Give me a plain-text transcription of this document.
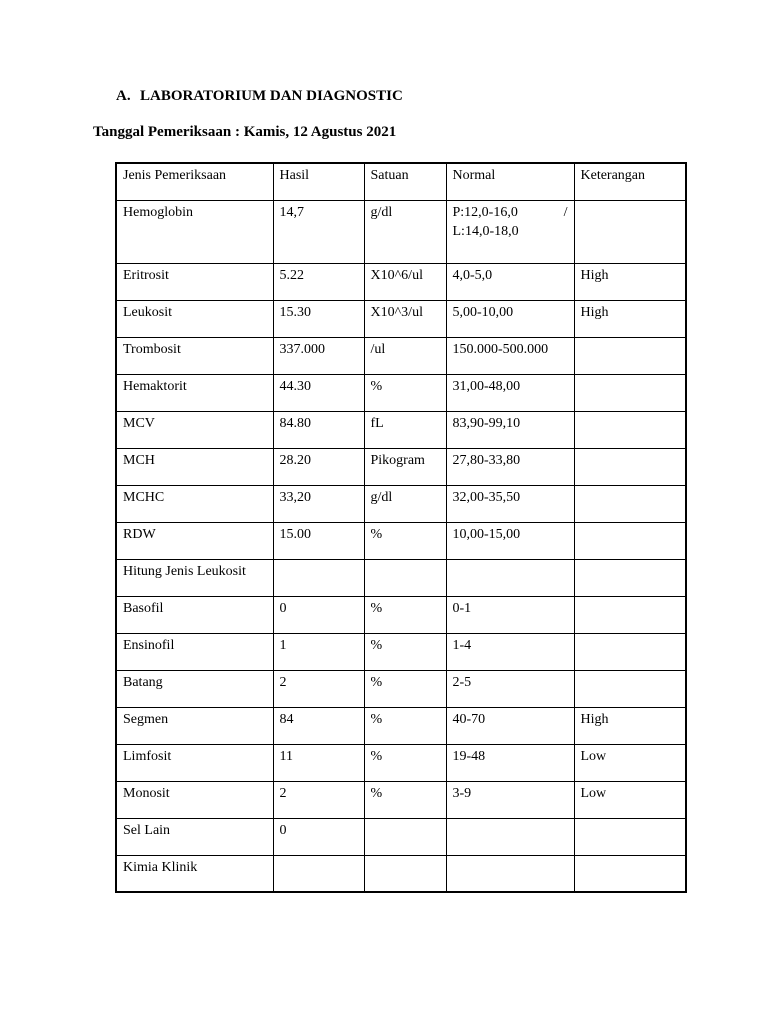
A. LABORATORIUM DAN DIAGNOSTIC
Tanggal Pemeriksaan : Kamis, 12 Agustus 2021
Jenis Pemeriksaan	Hasil	Satuan	Normal	Keterangan
Hemoglobin	14,7	g/dl	P:12,0-16,0 /
L:14,0-18,0	

Eritrosit	5.22	X10^6/ul	4,0-5,0	High
Leukosit	15.30	X10^3/ul	5,00-10,00	High
Trombosit	337.000	/ul	150.000-500.000	
Hemaktorit	44.30	%	31,00-48,00	
MCV	84.80	fL	83,90-99,10	
MCH	28.20	Pikogram	27,80-33,80	
MCHC	33,20	g/dl	32,00-35,50	
RDW	15.00	%	10,00-15,00	
Hitung Jenis Leukosit				
Basofil	0	%	0-1	
Ensinofil	1	%	1-4	
Batang	2	%	2-5	
Segmen	84	%	40-70	High
Limfosit	11	%	19-48	Low
Monosit	2	%	3-9	Low
Sel Lain	0			
Kimia Klinik				
